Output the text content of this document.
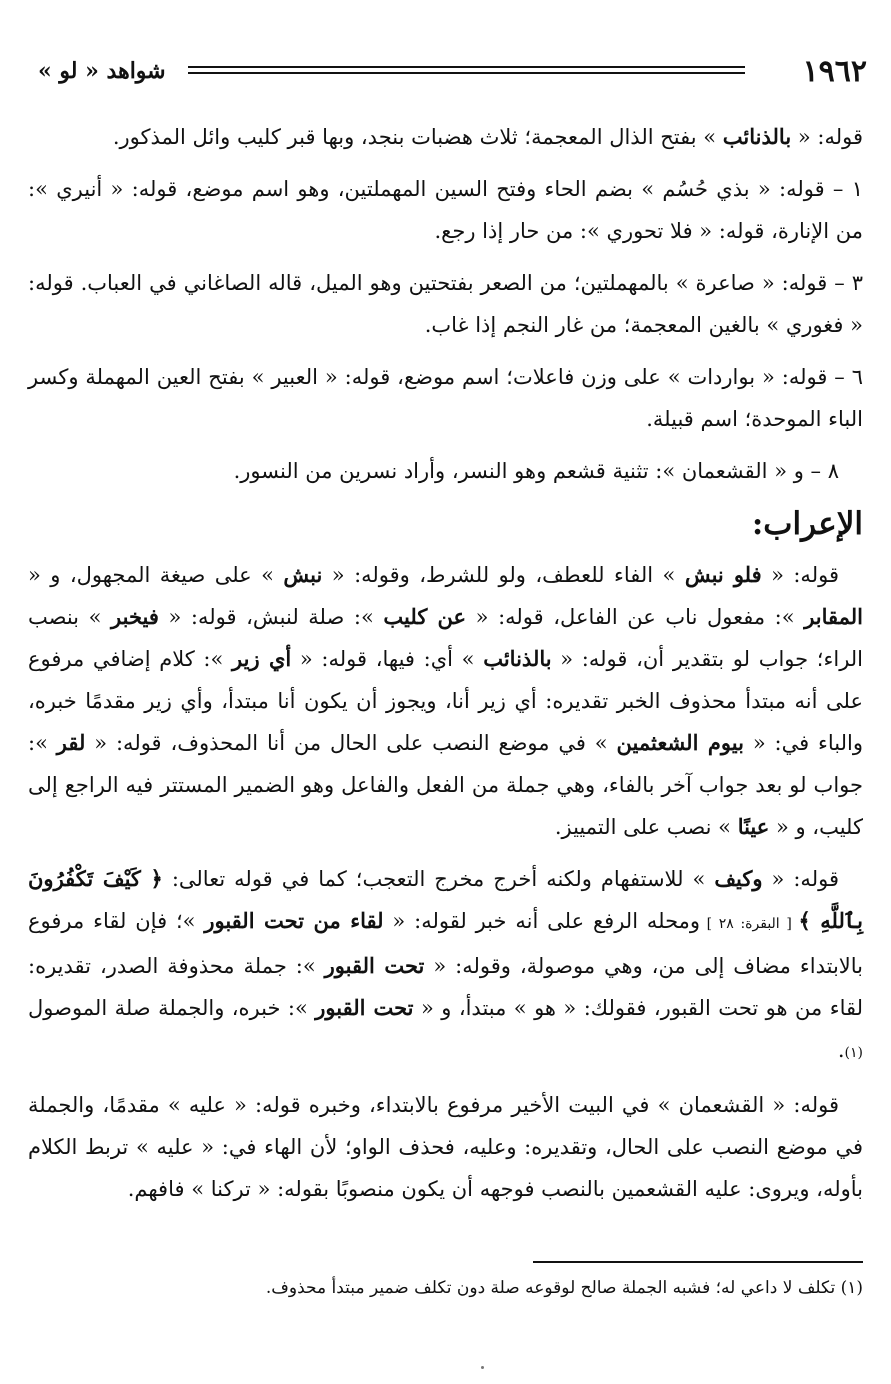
١٩٦٢
شواهد « لو »

قوله: « بالذنائب » بفتح الذال المعجمة؛ ثلاث هضبات بنجد، وبها قبر كليب وائل المذكور.

١ – قوله: « بذي حُسُم » بضم الحاء وفتح السين المهملتين، وهو اسم موضع، قوله: « أنيري »: من الإنارة، قوله: « فلا تحوري »: من حار إذا رجع.

٣ – قوله: « صاعرة » بالمهملتين؛ من الصعر بفتحتين وهو الميل، قاله الصاغاني في العباب. قوله: « فغوري » بالغين المعجمة؛ من غار النجم إذا غاب.

٦ – قوله: « بواردات » على وزن فاعلات؛ اسم موضع، قوله: « العبير » بفتح العين المهملة وكسر الباء الموحدة؛ اسم قبيلة.

٨ – و « القشعمان »: تثنية قشعم وهو النسر، وأراد نسرين من النسور.

الإعراب:

قوله: « فلو نبش » الفاء للعطف، ولو للشرط، وقوله: « نبش » على صيغة المجهول، و « المقابر »: مفعول ناب عن الفاعل، قوله: « عن كليب »: صلة لنبش، قوله: « فيخبر » بنصب الراء؛ جواب لو بتقدير أن، قوله: « بالذنائب » أي: فيها، قوله: « أي زير »: كلام إضافي مرفوع على أنه مبتدأ محذوف الخبر تقديره: أي زير أنا، ويجوز أن يكون أنا مبتدأ، وأي زير مقدمًا خبره، والباء في: « بيوم الشعثمين » في موضع النصب على الحال من أنا المحذوف، قوله: « لقر »: جواب لو بعد جواب آخر بالفاء، وهي جملة من الفعل والفاعل وهو الضمير المستتر فيه الراجع إلى كليب، و « عينًا » نصب على التمييز.

قوله: « وكيف » للاستفهام ولكنه أخرج مخرج التعجب؛ كما في قوله تعالى: ﴿ كَيْفَ تَكْفُرُونَ بِٱللَّهِ ﴾ [ البقرة: ٢٨ ] ومحله الرفع على أنه خبر لقوله: « لقاء من تحت القبور »؛ فإن لقاء مرفوع بالابتداء مضاف إلى من، وهي موصولة، وقوله: « تحت القبور »: جملة محذوفة الصدر، تقديره: لقاء من هو تحت القبور، فقولك: « هو » مبتدأ، و « تحت القبور »: خبره، والجملة صلة الموصول (١).

قوله: « القشعمان » في البيت الأخير مرفوع بالابتداء، وخبره قوله: « عليه » مقدمًا، والجملة في موضع النصب على الحال، وتقديره: وعليه، فحذف الواو؛ لأن الهاء في: « عليه » تربط الكلام بأوله، ويروى: عليه القشعمين بالنصب فوجهه أن يكون منصوبًا بقوله: « تركنا » فافهم.

(١) تكلف لا داعي له؛ فشبه الجملة صالح لوقوعه صلة دون تكلف ضمير مبتدأ محذوف.
